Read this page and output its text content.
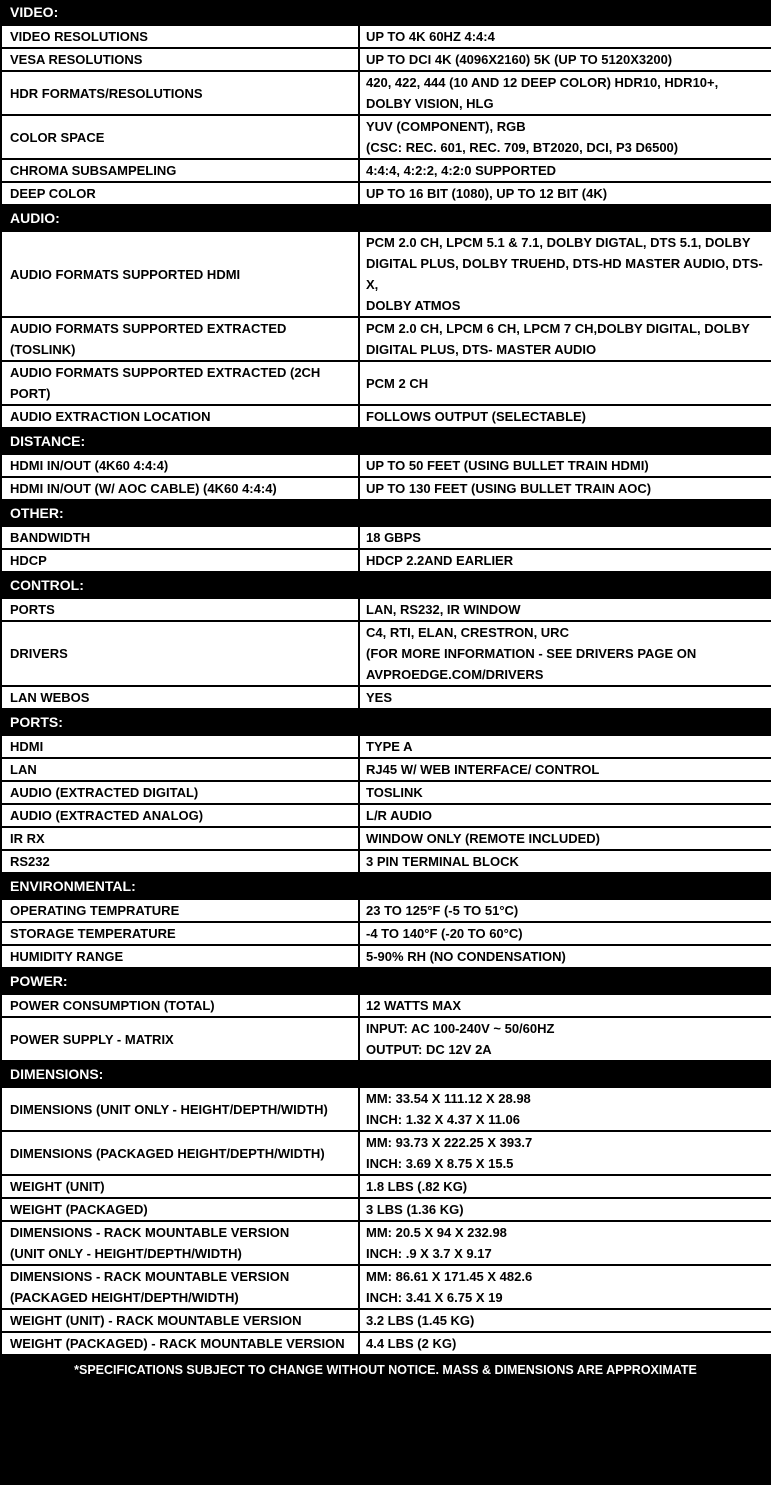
VIDEO:
VIDEO RESOLUTIONS	UP TO 4K 60HZ 4:4:4
VESA RESOLUTIONS	UP TO DCI 4K (4096X2160) 5K (UP TO 5120X3200)
HDR FORMATS/RESOLUTIONS	420, 422, 444 (10 AND 12 DEEP COLOR) HDR10, HDR10+,
DOLBY VISION, HLG
COLOR SPACE	YUV (COMPONENT), RGB
(CSC: REC. 601, REC. 709, BT2020, DCI, P3 D6500)
CHROMA SUBSAMPELING	4:4:4, 4:2:2, 4:2:0 SUPPORTED
DEEP COLOR	UP TO 16 BIT (1080), UP TO 12 BIT (4K)
AUDIO:
AUDIO FORMATS SUPPORTED HDMI	PCM 2.0 CH, LPCM 5.1 & 7.1, DOLBY DIGTAL, DTS 5.1, DOLBY
DIGITAL PLUS, DOLBY TRUEHD, DTS-HD MASTER AUDIO, DTS-X,
DOLBY ATMOS
AUDIO FORMATS SUPPORTED EXTRACTED (TOSLINK)	PCM 2.0 CH, LPCM 6 CH, LPCM 7 CH,DOLBY DIGITAL, DOLBY
DIGITAL PLUS, DTS- MASTER AUDIO
AUDIO FORMATS SUPPORTED EXTRACTED (2CH PORT)	PCM 2 CH
AUDIO EXTRACTION LOCATION	FOLLOWS OUTPUT (SELECTABLE)
DISTANCE:
HDMI IN/OUT (4K60 4:4:4)	UP TO 50 FEET (USING BULLET TRAIN HDMI)
HDMI IN/OUT (W/ AOC CABLE) (4K60 4:4:4)	UP TO 130 FEET (USING BULLET TRAIN AOC)
OTHER:
BANDWIDTH	18 GBPS
HDCP	HDCP 2.2AND EARLIER
CONTROL:
PORTS	LAN, RS232, IR WINDOW
DRIVERS	C4, RTI, ELAN, CRESTRON, URC
(FOR MORE INFORMATION - SEE DRIVERS PAGE ON
AVPROEDGE.COM/DRIVERS
LAN WEBOS	YES
PORTS:
HDMI	TYPE A
LAN	RJ45 W/ WEB INTERFACE/ CONTROL
AUDIO (EXTRACTED DIGITAL)	TOSLINK
AUDIO (EXTRACTED ANALOG)	L/R AUDIO
IR RX	WINDOW ONLY (REMOTE INCLUDED)
RS232	3 PIN TERMINAL BLOCK
ENVIRONMENTAL:
OPERATING TEMPRATURE	23 TO 125°F (-5 TO 51°C)
STORAGE TEMPERATURE	-4 TO 140°F (-20 TO 60°C)
HUMIDITY RANGE	5-90% RH (NO CONDENSATION)
POWER:
POWER CONSUMPTION (TOTAL)	12 WATTS MAX
POWER SUPPLY - MATRIX	INPUT: AC 100-240V ~ 50/60HZ
OUTPUT: DC 12V 2A
DIMENSIONS:
DIMENSIONS (UNIT ONLY - HEIGHT/DEPTH/WIDTH)	MM: 33.54 X 111.12 X 28.98
INCH: 1.32 X 4.37 X 11.06
DIMENSIONS (PACKAGED HEIGHT/DEPTH/WIDTH)	MM: 93.73 X 222.25 X 393.7
INCH: 3.69 X 8.75 X 15.5
WEIGHT (UNIT)	1.8 LBS (.82 KG)
WEIGHT (PACKAGED)	3 LBS (1.36 KG)
DIMENSIONS - RACK MOUNTABLE VERSION
(UNIT ONLY - HEIGHT/DEPTH/WIDTH)	MM: 20.5 X 94 X 232.98
INCH: .9 X 3.7 X 9.17
DIMENSIONS - RACK MOUNTABLE VERSION
(PACKAGED HEIGHT/DEPTH/WIDTH)	MM: 86.61 X 171.45 X 482.6
INCH: 3.41 X 6.75 X 19
WEIGHT (UNIT) - RACK MOUNTABLE VERSION	3.2 LBS (1.45 KG)
WEIGHT (PACKAGED) - RACK MOUNTABLE VERSION	4.4 LBS (2 KG)
*SPECIFICATIONS SUBJECT TO CHANGE WITHOUT NOTICE. MASS & DIMENSIONS ARE APPROXIMATE
